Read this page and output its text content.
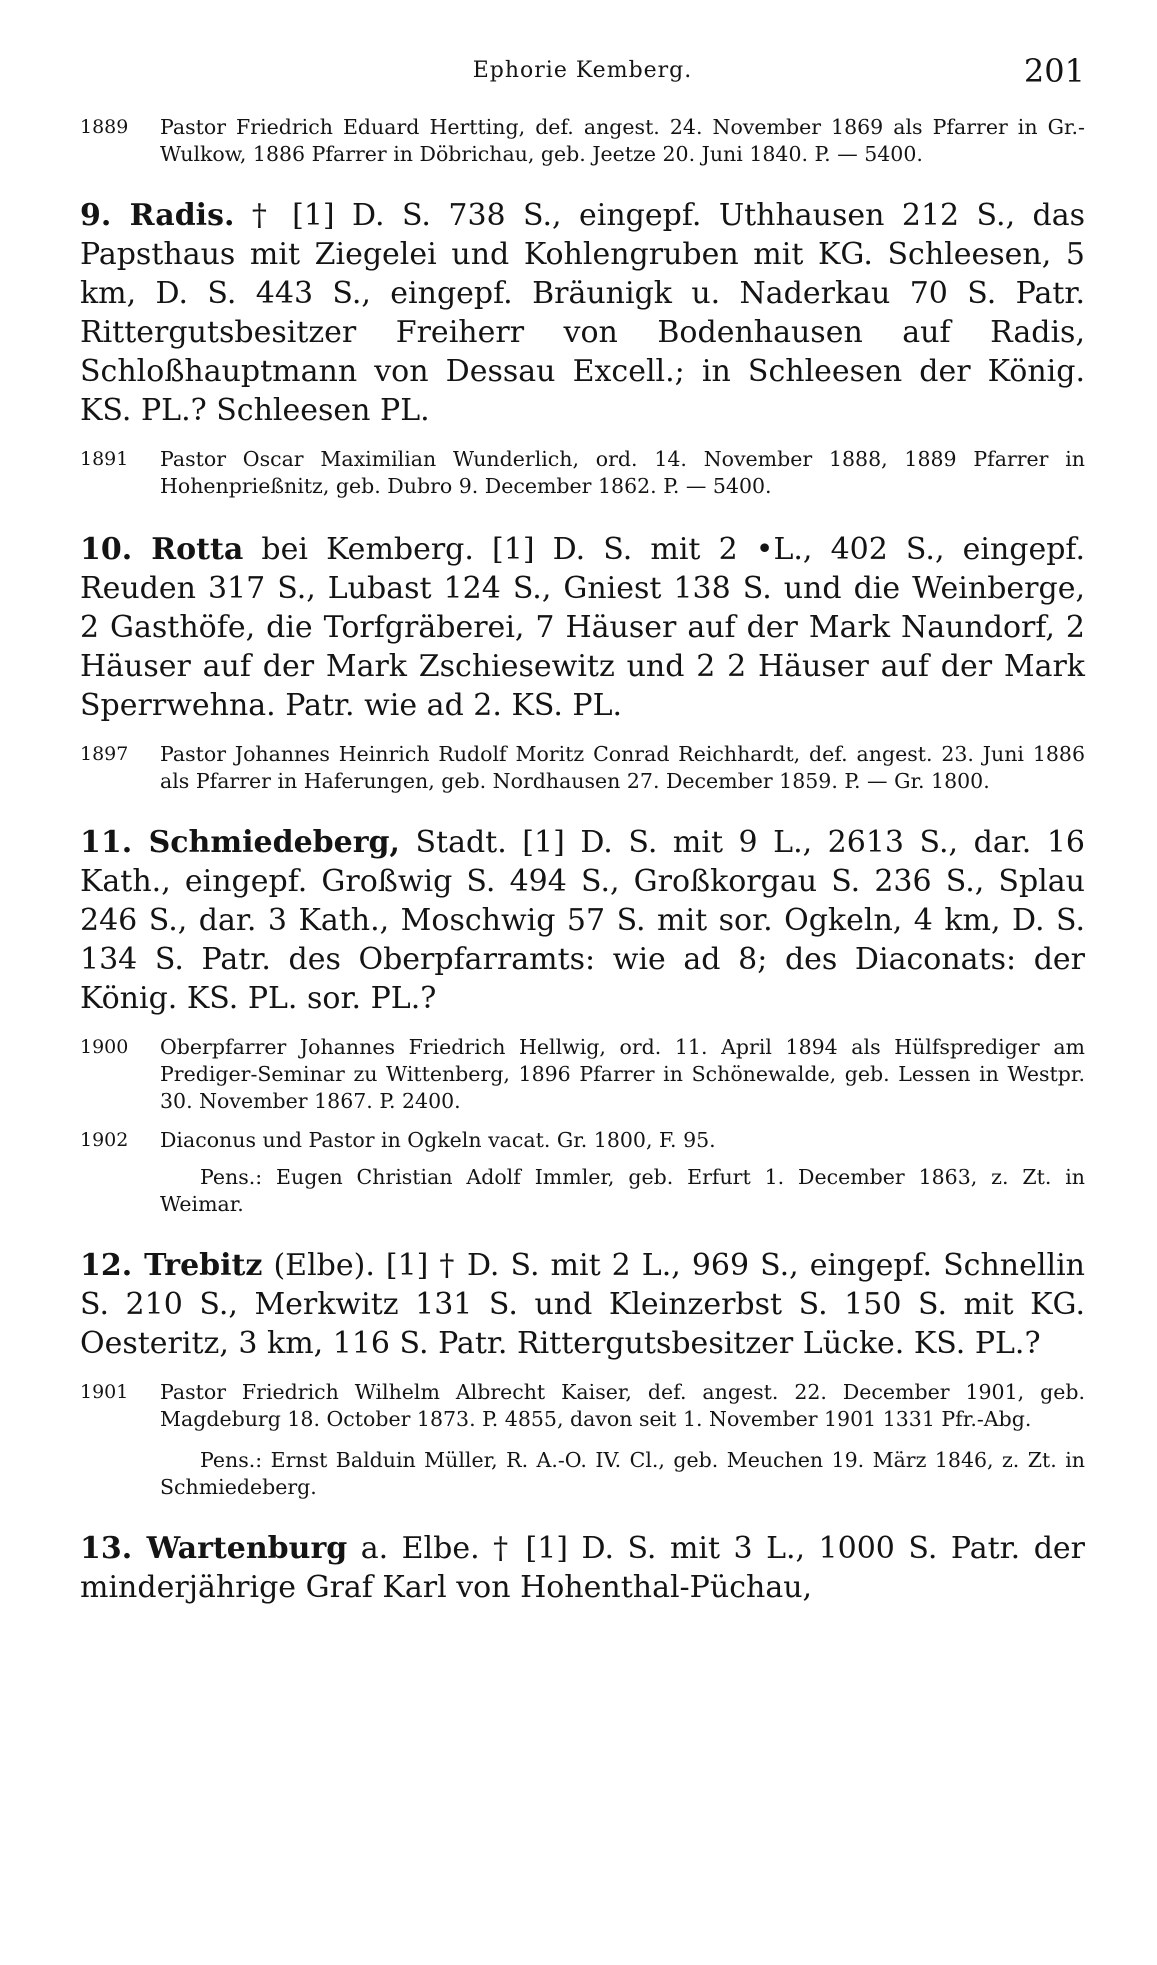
Ephorie Kemberg.	201
1889	Pastor Friedrich Eduard Hertting, def. angest. 24. November 1869 als Pfarrer in Gr.-Wulkow, 1886 Pfarrer in Döbrichau, geb. Jeetze 20. Juni 1840. P. — 5400.

9. Radis. † [1] D. S. 738 S., eingepf. Uthhausen 212 S., das Papsthaus mit Ziegelei und Kohlengruben mit KG. Schleesen, 5 km, D. S. 443 S., eingepf. Bräunigk u. Naderkau 70 S. Patr. Rittergutsbesitzer Freiherr von Bodenhausen auf Radis, Schloßhauptmann von Dessau Excell.; in Schleesen der König. KS. PL.? Schleesen PL.

1891	Pastor Oscar Maximilian Wunderlich, ord. 14. November 1888, 1889 Pfarrer in Hohenprießnitz, geb. Dubro 9. December 1862. P. — 5400.

10. Rotta bei Kemberg. [1] D. S. mit 2 •L., 402 S., eingepf. Reuden 317 S., Lubast 124 S., Gniest 138 S. und die Weinberge, 2 Gasthöfe, die Torfgräberei, 7 Häuser auf der Mark Naundorf, 2 Häuser auf der Mark Zschiesewitz und 2 2 Häuser auf der Mark Sperrwehna. Patr. wie ad 2. KS. PL.

1897	Pastor Johannes Heinrich Rudolf Moritz Conrad Reichhardt, def. angest. 23. Juni 1886 als Pfarrer in Haferungen, geb. Nordhausen 27. December 1859. P. — Gr. 1800.

11. Schmiedeberg, Stadt. [1] D. S. mit 9 L., 2613 S., dar. 16 Kath., eingepf. Großwig S. 494 S., Großkorgau S. 236 S., Splau 246 S., dar. 3 Kath., Moschwig 57 S. mit sor. Ogkeln, 4 km, D. S. 134 S. Patr. des Oberpfarramts: wie ad 8; des Diaconats: der König. KS. PL. sor. PL.?

1900	Oberpfarrer Johannes Friedrich Hellwig, ord. 11. April 1894 als Hülfsprediger am Prediger-Seminar zu Wittenberg, 1896 Pfarrer in Schönewalde, geb. Lessen in Westpr. 30. November 1867. P. 2400.
1902	Diaconus und Pastor in Ogkeln vacat. Gr. 1800, F. 95.

Pens.: Eugen Christian Adolf Immler, geb. Erfurt 1. December 1863, z. Zt. in Weimar.

12. Trebitz (Elbe). [1] † D. S. mit 2 L., 969 S., eingepf. Schnellin S. 210 S., Merkwitz 131 S. und Kleinzerbst S. 150 S. mit KG. Oesteritz, 3 km, 116 S. Patr. Rittergutsbesitzer Lücke. KS. PL.?

1901	Pastor Friedrich Wilhelm Albrecht Kaiser, def. angest. 22. December 1901, geb. Magdeburg 18. October 1873. P. 4855, davon seit 1. November 1901 1331 Pfr.-Abg.

Pens.: Ernst Balduin Müller, R. A.-O. IV. Cl., geb. Meuchen 19. März 1846, z. Zt. in Schmiedeberg.

13. Wartenburg a. Elbe. † [1] D. S. mit 3 L., 1000 S. Patr. der minderjährige Graf Karl von Hohenthal-Püchau,
